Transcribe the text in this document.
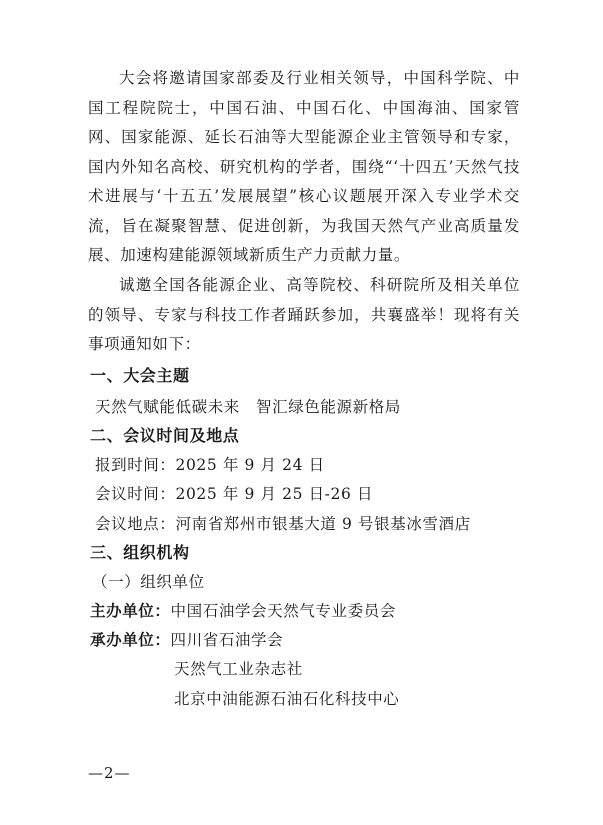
大会将邀请国家部委及行业相关领导，中国科学院、中国工程院院士，中国石油、中国石化、中国海油、国家管网、国家能源、延长石油等大型能源企业主管领导和专家，国内外知名高校、研究机构的学者，围绕“‘十四五’天然气技术进展与‘十五五’发展展望”核心议题展开深入专业学术交流，旨在凝聚智慧、促进创新，为我国天然气产业高质量发展、加速构建能源领域新质生产力贡献力量。
诚邀全国各能源企业、高等院校、科研院所及相关单位的领导、专家与科技工作者踊跃参加，共襄盛举！现将有关事项通知如下：
一、大会主题
天然气赋能低碳未来　智汇绿色能源新格局
二、会议时间及地点
报到时间：2025 年 9 月 24 日
会议时间：2025 年 9 月 25 日-26 日
会议地点：河南省郑州市银基大道 9 号银基冰雪酒店
三、组织机构
（一）组织单位
主办单位：中国石油学会天然气专业委员会
承办单位：四川省石油学会
天然气工业杂志社
北京中油能源石油石化科技中心
—2—
